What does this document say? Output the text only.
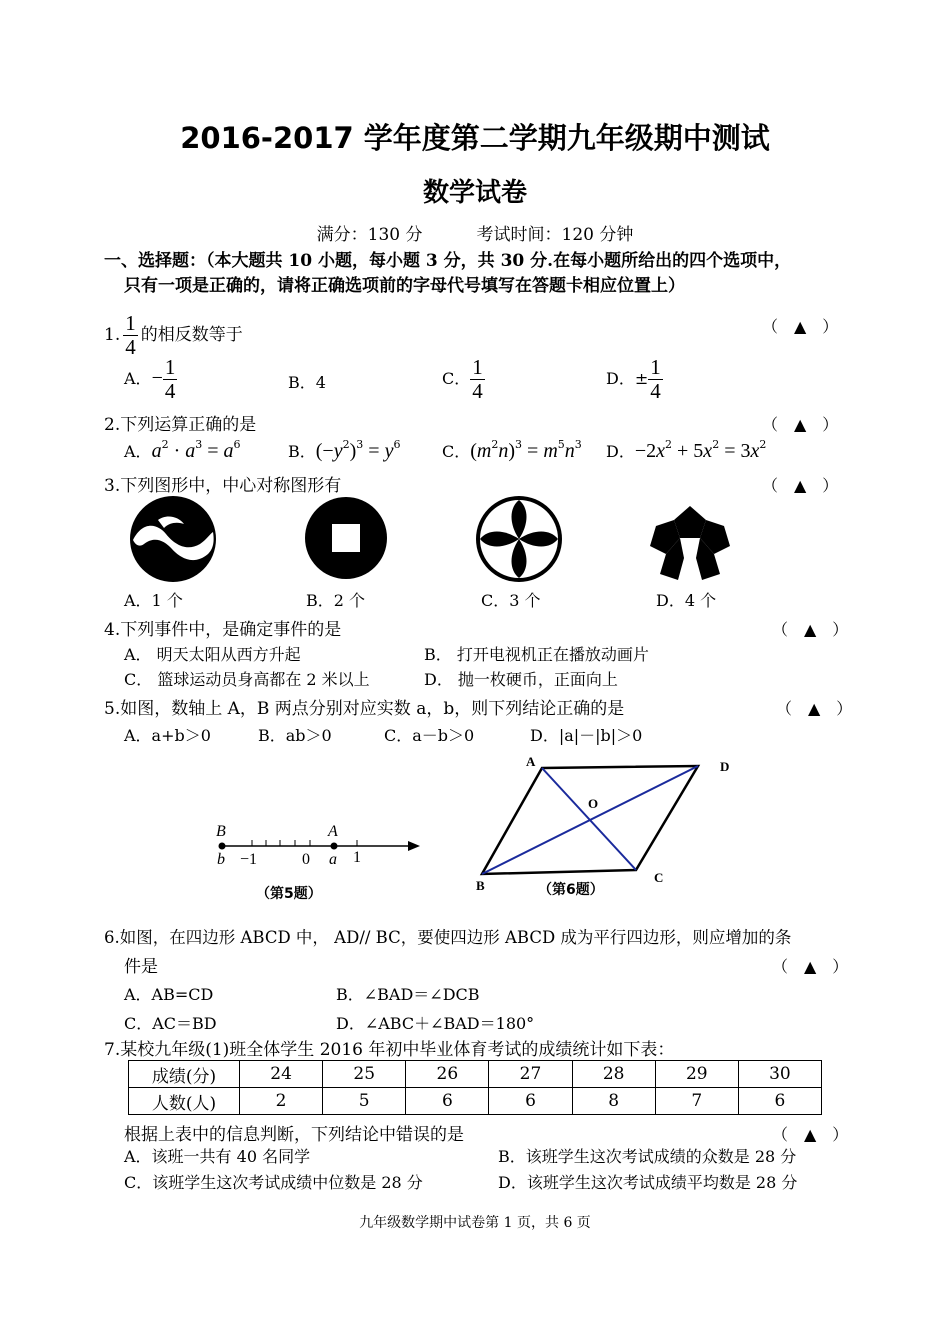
2016-2017 学年度第二学期九年级期中测试
数学试卷
满分：130 分          考试时间：120 分钟
一、选择题：（本大题共 10 小题，每小题 3 分，共 30 分.在每小题所给出的四个选项中，
只有一项是正确的，请将正确选项前的字母代号填写在答题卡相应位置上）
1. $\frac{1}{4}$ 的相反数等于	（　▲　）
A．− $\frac{1}{4}$	B．4	C． $\frac{1}{4}$	D．± $\frac{1}{4}$
2.下列运算正确的是	（　▲　）
A．$a^2 \cdot a^3 = a^6$	B．$(-y^2)^3 = y^6$	C．$(m^2n)^3 = m^5n^3$ D．$-2x^2 + 5x^2 = 3x^2$
3.下列图形中，中心对称图形有	（　▲　）
A．1 个	B．2 个	C．3 个	D．4 个
4.下列事件中，是确定事件的是	（　▲　）
A． 明天太阳从西方升起	B． 打开电视机正在播放动画片
C． 篮球运动员身高都在 2 米以上	D． 抛一枚硬币，正面向上
5.如图，数轴上 A，B 两点分别对应实数 a，b，则下列结论正确的是	（　▲　）
A．a+b＞0	B．ab＞0	C．a－b＞0	D．|a|－|b|＞0
B	A
b −1	0 a 1
（第5题）
A	D
O
B
C
（第6题）
6.如图，在四边形 ABCD 中， AD// BC，要使四边形 ABCD 成为平行四边形，则应增加的条
件是	（　▲　）
A．AB=CD	B．∠BAD＝∠DCB
C．AC＝BD	D．∠ABC＋∠BAD＝180°
7.某校九年级(1)班全体学生 2016 年初中毕业体育考试的成绩统计如下表：
成绩(分)	24	25	26	27	28	29	30
人数(人)	2	5	6	6	8	7	6
根据上表中的信息判断，下列结论中错误的是	（　▲　）
A．该班一共有 40 名同学	B．该班学生这次考试成绩的众数是 28 分
C．该班学生这次考试成绩中位数是 28 分	D．该班学生这次考试成绩平均数是 28 分
九年级数学期中试卷第 1 页，共 6 页
